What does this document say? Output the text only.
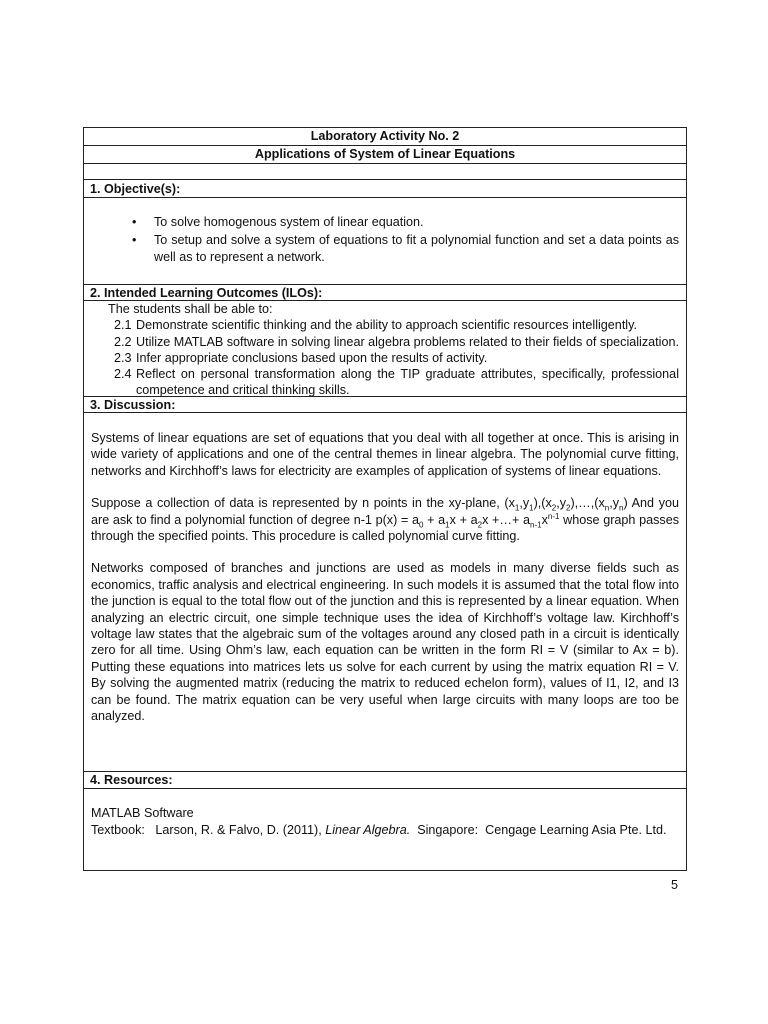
Laboratory Activity No. 2
Applications of System of Linear Equations
1. Objective(s):
• To solve homogenous system of linear equation.
• To setup and solve a system of equations to fit a polynomial function and set a data points as well as to represent a network.
2. Intended Learning Outcomes (ILOs):
The students shall be able to:
2.1 Demonstrate scientific thinking and the ability to approach scientific resources intelligently.
2.2 Utilize MATLAB software in solving linear algebra problems related to their fields of specialization.
2.3 Infer appropriate conclusions based upon the results of activity.
2.4 Reflect on personal transformation along the TIP graduate attributes, specifically, professional competence and critical thinking skills.
3. Discussion:
Systems of linear equations are set of equations that you deal with all together at once. This is arising in wide variety of applications and one of the central themes in linear algebra. The polynomial curve fitting, networks and Kirchhoff’s laws for electricity are examples of application of systems of linear equations.
Suppose a collection of data is represented by n points in the xy-plane, $(x_1,y_1),(x_2,y_2),\dots,(x_n,y_n)$ And you are ask to find a polynomial function of degree n-1 $p(x) = a_0 + a_1x + a_2x$ +…+ $a_{n-1}x^{n-1}$ whose graph passes through the specified points. This procedure is called polynomial curve fitting.
Networks composed of branches and junctions are used as models in many diverse fields such as economics, traffic analysis and electrical engineering. In such models it is assumed that the total flow into the junction is equal to the total flow out of the junction and this is represented by a linear equation. When analyzing an electric circuit, one simple technique uses the idea of Kirchhoff’s voltage law. Kirchhoff’s voltage law states that the algebraic sum of the voltages around any closed path in a circuit is identically zero for all time. Using Ohm’s law, each equation can be written in the form RI = V (similar to Ax = b). Putting these equations into matrices lets us solve for each current by using the matrix equation RI = V. By solving the augmented matrix (reducing the matrix to reduced echelon form), values of I1, I2, and I3 can be found. The matrix equation can be very useful when large circuits with many loops are too be analyzed.
4. Resources:
MATLAB Software
Textbook:   Larson, R. & Falvo, D. (2011), Linear Algebra.  Singapore:  Cengage Learning Asia Pte. Ltd.
5
